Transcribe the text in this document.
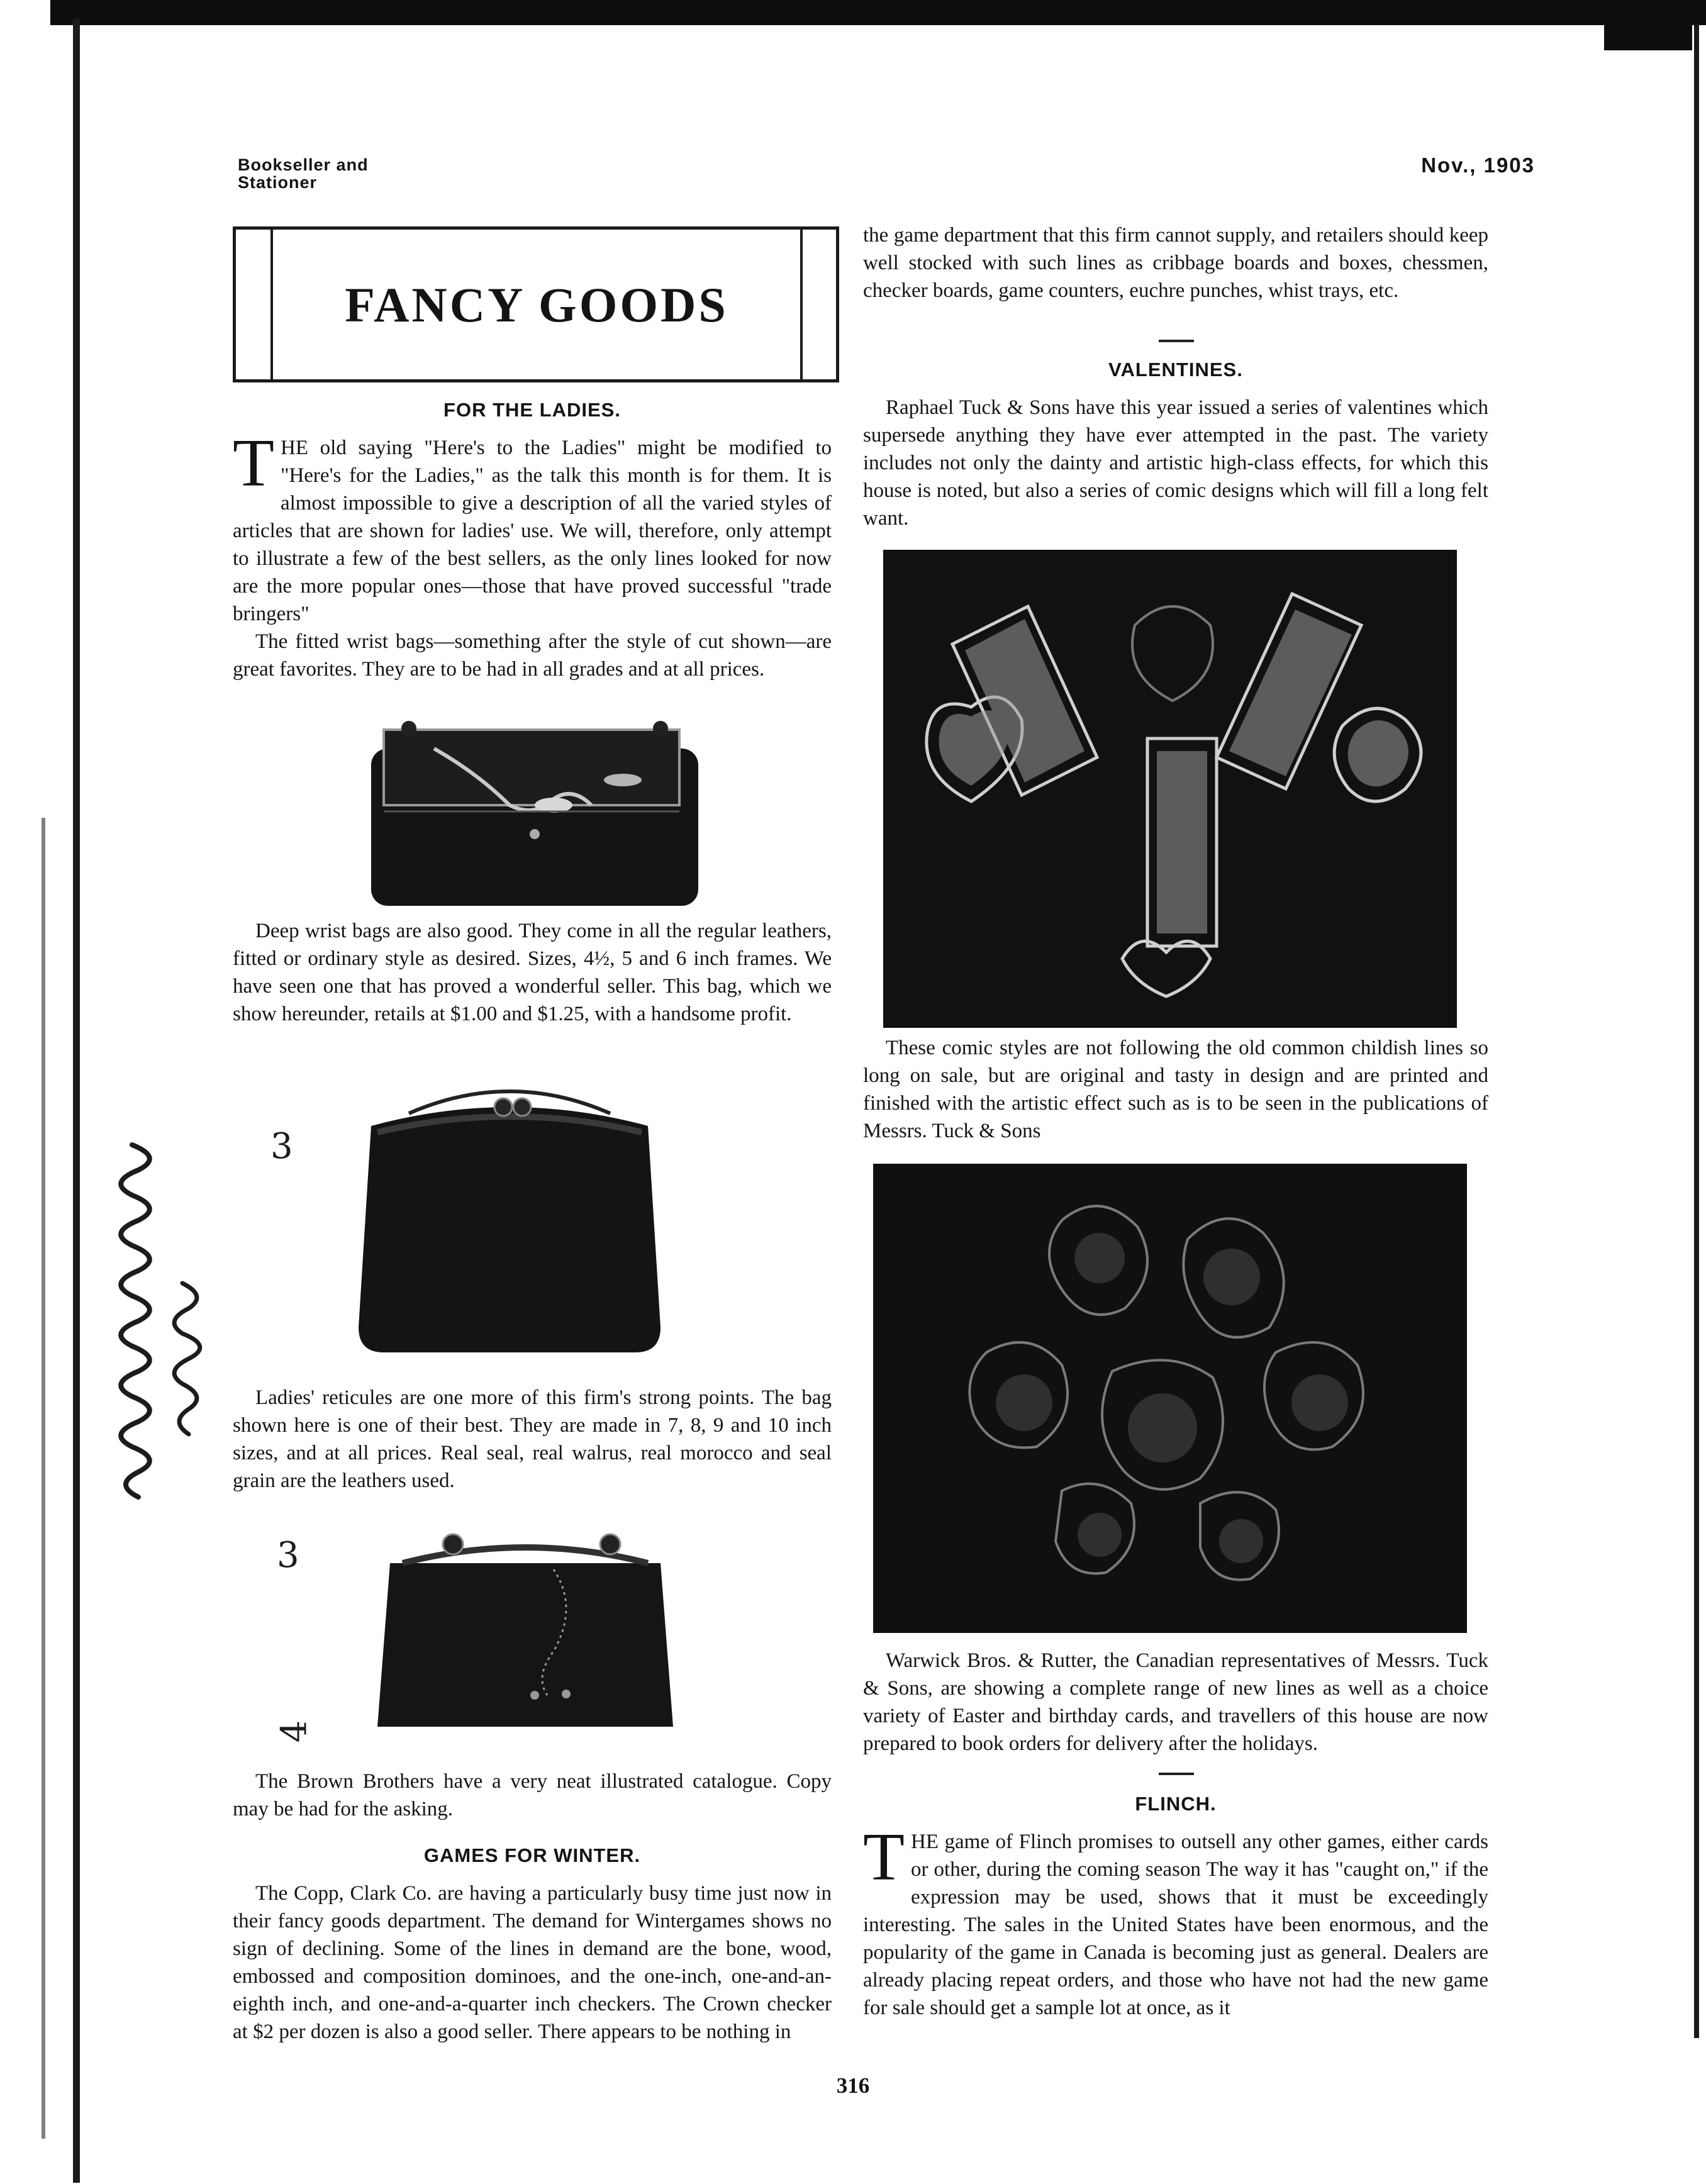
Bookseller and
Stationer
Nov., 1903
FANCY GOODS
FOR THE LADIES.

THE old saying "Here's to the Ladies" might be modified to "Here's for the Ladies," as the talk this month is for them. It is almost impossible to give a description of all the varied styles of articles that are shown for ladies' use. We will, therefore, only attempt to illustrate a few of the best sellers, as the only lines looked for now are the more popular ones—those that have proved successful "trade bringers"

The fitted wrist bags—something after the style of cut shown—are great favorites. They are to be had in all grades and at all prices.

Deep wrist bags are also good. They come in all the regular leathers, fitted or ordinary style as desired. Sizes, 4½, 5 and 6 inch frames. We have seen one that has proved a wonderful seller. This bag, which we show hereunder, retails at $1.00 and $1.25, with a handsome profit.

Ladies' reticules are one more of this firm's strong points. The bag shown here is one of their best. They are made in 7, 8, 9 and 10 inch sizes, and at all prices. Real seal, real walrus, real morocco and seal grain are the leathers used.

The Brown Brothers have a very neat illustrated catalogue. Copy may be had for the asking.

GAMES FOR WINTER.

The Copp, Clark Co. are having a particularly busy time just now in their fancy goods department. The demand for Wintergames shows no sign of declining. Some of the lines in demand are the bone, wood, embossed and composition dominoes, and the one-inch, one-and-an-eighth inch, and one-and-a-quarter inch checkers. The Crown checker at $2 per dozen is also a good seller. There appears to be nothing in

the game department that this firm cannot supply, and retailers should keep well stocked with such lines as cribbage boards and boxes, chessmen, checker boards, game counters, euchre punches, whist trays, etc.

VALENTINES.

Raphael Tuck & Sons have this year issued a series of valentines which supersede anything they have ever attempted in the past. The variety includes not only the dainty and artistic high-class effects, for which this house is noted, but also a series of comic designs which will fill a long felt want.

These comic styles are not following the old common childish lines so long on sale, but are original and tasty in design and are printed and finished with the artistic effect such as is to be seen in the publications of Messrs. Tuck & Sons

Warwick Bros. & Rutter, the Canadian representatives of Messrs. Tuck & Sons, are showing a complete range of new lines as well as a choice variety of Easter and birthday cards, and travellers of this house are now prepared to book orders for delivery after the holidays.

FLINCH.

THE game of Flinch promises to outsell any other games, either cards or other, during the coming season The way it has "caught on," if the expression may be used, shows that it must be exceedingly interesting. The sales in the United States have been enormous, and the popularity of the game in Canada is becoming just as general. Dealers are already placing repeat orders, and those who have not had the new game for sale should get a sample lot at once, as it

316
3
3
4
